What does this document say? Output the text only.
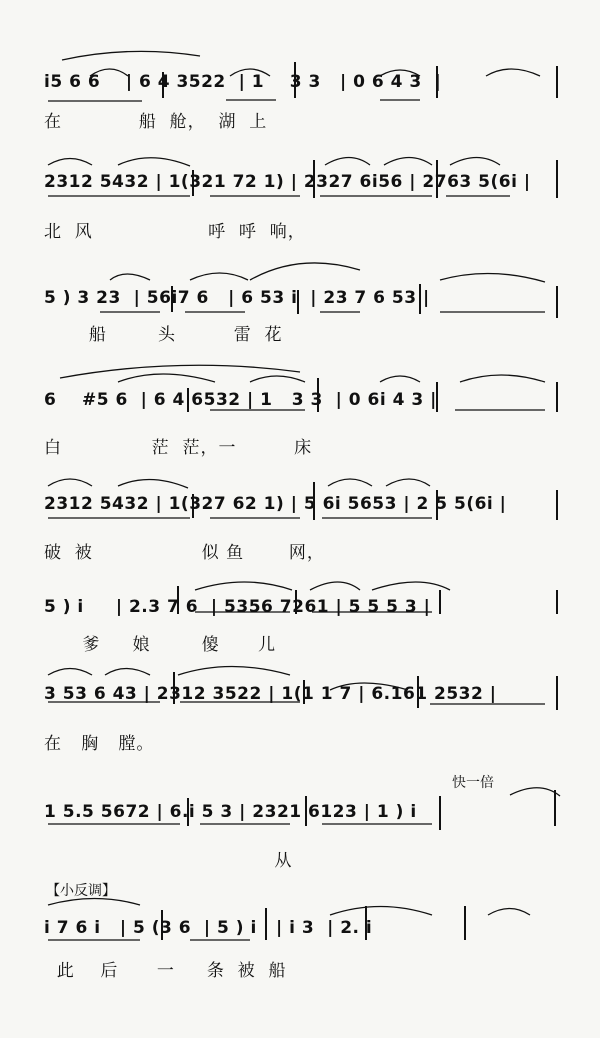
i5 6 6    | 6 4 3522  | 1    3 3   | 0 6 4 3  |
在            船  舱，  湖  上
2312 5432 | 1(321 72 1) | 2327 6i56 | 2763 5(6i |
北  风                  呼  呼  响，
5 ) 3 23  | 56i7 6   | 6 53 i  | 23 7 6 53 |
船        头         雷  花
6    #5 6  | 6 4 6532 | 1   3 3  | 0 6i 4 3 |
白              茫  茫，一         床
2312 5432 | 1(327 62 1) | 5 6i 5653 | 2 5 5(6i |
破  被                 似 鱼       网，
5 ) i     | 2.3 7 6  | 5356 7261 | 5 5 5 3 |
爹     娘        傻      儿
3 53 6 43 | 2312 3522 | 1(1 1 7 | 6.161 2532 |
在   胸   膛。
快一倍
1 5.5 5672 | 6.i 5 3 | 2321 6123 | 1 ) i
从
【小反调】
i 7 6 i   | 5 (3 6  | 5 ) i   | i 3  | 2. i
此    后      一     条  被  船
